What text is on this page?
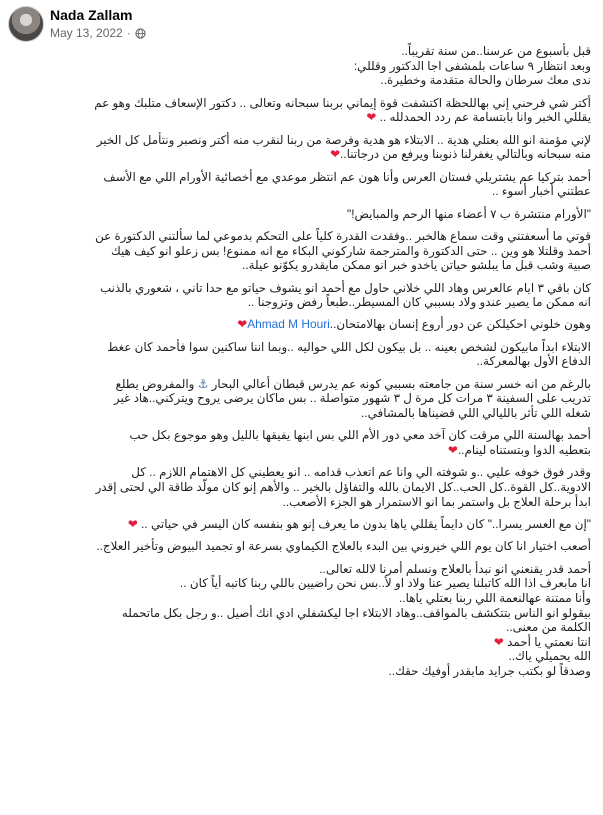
Nada Zallam
May 13, 2022 ·

قبل بأسبوع من عرسنا..من سنة تقريباً..
وبعد انتظار ٩ ساعات بلمشفى اجا الدكتور وقللي:
ندى معك سرطان والحالة متقدمة وخطيرة..

أكتر شي فرحني إني بهاللحظة اكتشفت قوة إيماني بربنا سبحانه وتعالى .. دكتور الإسعاف متلبك وهو عم
يقللي الخبر وانا بابتسامة عم ردد الحمدلله .. ❤

لإني مؤمنة انو الله بعتلي هدية .. الابتلاء هو هدية وفرصة من ربنا لنقرب منه أكتر ونصبر ونتأمل كل الخير
منه سبحانه وبالتالي يغفرلنا ذنوبنا ويرفع من درجاتنا..❤

أحمد بتركيا عم يشتريلي فستان العرس وأنا هون عم انتظر موعدي مع أخصائية الأورام اللي مع الأسف
عطتني أخبار أسوء ..

"الأورام منتشرة ب ٧ أعضاء منها الرحم والمبايض!"

قوتي ما أسعفتني وقت سماع هالخبر ..وفقدت القدرة كلياً على التحكم بدموعي لما سألتني الدكتورة عن
أحمد وقلتلا هو وين .. حتى الدكتورة والمترجمة شاركوني البكاء مع انه ممنوع! بس زعلو انو كيف هيك
صبية وشب قبل ما يبلشو حياتن ياخدو خبر انو ممكن مايقدرو يكوّنو عيلة..

كان باقي ٣ ايام عالعرس وهاد اللي خلاني حاول مع أحمد انو يشوف حياتو مع حدا تاني ، شعوري بالذنب
انه ممكن ما يصير عندو ولاد بسببي كان المسيطر..طبعاً رفض وتزوجنا ..

وهون خلوني احكيلكن عن دور أروع إنسان بهالامتحان..Ahmad M Houri❤

الابتلاء ابداً مابيكون لشخص بعينه .. بل بيكون لكل اللي حواليه ..وبما اننا ساكنين سوا فأحمد كان عغط
الدفاع الأول بهالمعركة..

بالرغم من انه خسر سنة من جامعته بسببي كونه عم يدرس قبطان أعالي البحار ⚓ والمفروض يطلع
تدريب على السفينة ٣ مرات كل مرة ل ٣ شهور متواصلة .. بس ماكان يرضى يروح ويتركني..هاد غير
شغله اللي تأثر بالليالي اللي قضيناها بالمشافي..

أحمد بهالسنة اللي مرقت كان آخد معي دور الأم اللي بس ابنها يفيقها بالليل وهو موجوع بكل حب
بتعطيه الدوا وبتستناه لينام..❤

وقدر فوق خوفه عليي ..و شوفته الي وانا عم اتعذب قدامه .. انو يعطيني كل الاهتمام اللازم .. كل
الادوية..كل القوة..كل الحب..كل الايمان بالله والتفاؤل بالخير .. والأهم إنو كان مولّد طاقة الي لحتى إقدر
ابدأ برحلة العلاج بل واستمر بما انو الاستمرار هو الجزء الأصعب..

"إن مع العسر يسرا.." كان دايماً يقللي ياها بدون ما يعرف إنو هو بنفسه كان اليسر في حياتي .. ❤

أصعب اختيار انا كان يوم اللي خيروني بين البدء بالعلاج الكيماوي بسرعة او تجميد البيوض وتأخير العلاج..

أحمد قدر يقنعني انو نبدأ بالعلاج ونسلم أمرنا لالله تعالى..
انا مابعرف اذا الله كاتبلنا يصير عنا ولاد او لأ..بس نحن راضيين باللي ربنا كاتبه أياً كان ..
وأنا ممتنة عهالنعمة اللي ربنا بعتلي ياها..
بيقولو انو الناس بتتكشف بالمواقف..وهاد الابتلاء اجا ليكشفلي ادي انك أصيل ..و رجل بكل ماتحمله
الكلمة من معنى..
انتا نعمتي يا أحمد ❤
الله يحميلي ياك..
وصدقاً لو بكتب جرايد مابقدر أوفيك حقك..
